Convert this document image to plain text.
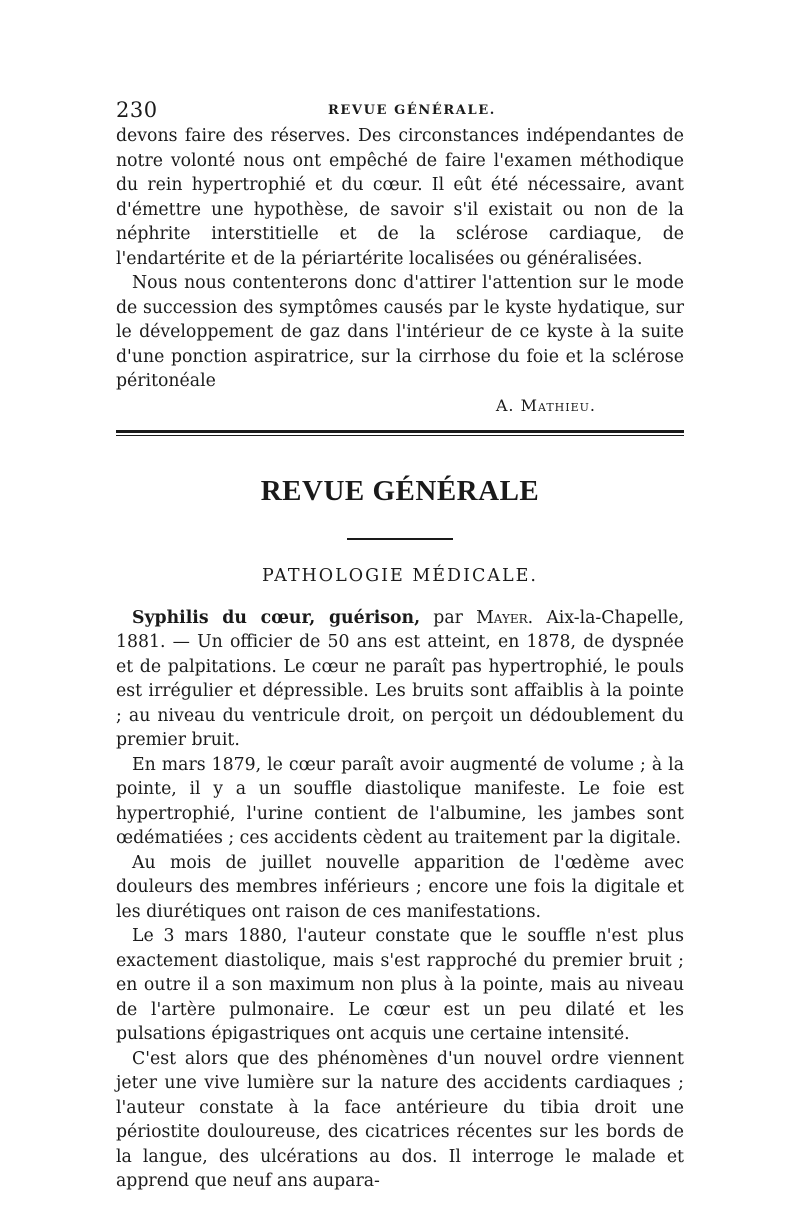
230	REVUE GÉNÉRALE.

devons faire des réserves. Des circonstances indépendantes de notre volonté nous ont empêché de faire l'examen méthodique du rein hypertrophié et du cœur. Il eût été nécessaire, avant d'émettre une hypothèse, de savoir s'il existait ou non de la néphrite interstitielle et de la sclérose cardiaque, de l'endartérite et de la périartérite localisées ou généralisées.

Nous nous contenterons donc d'attirer l'attention sur le mode de succession des symptômes causés par le kyste hydatique, sur le développement de gaz dans l'intérieur de ce kyste à la suite d'une ponction aspiratrice, sur la cirrhose du foie et la sclérose péritonéale

A. Mathieu.
REVUE GÉNÉRALE
PATHOLOGIE MÉDICALE.

Syphilis du cœur, guérison, par Mayer. Aix-la-Chapelle, 1881. — Un officier de 50 ans est atteint, en 1878, de dyspnée et de palpitations. Le cœur ne paraît pas hypertrophié, le pouls est irrégulier et dépressible. Les bruits sont affaiblis à la pointe ; au niveau du ventricule droit, on perçoit un dédoublement du premier bruit.

En mars 1879, le cœur paraît avoir augmenté de volume ; à la pointe, il y a un souffle diastolique manifeste. Le foie est hypertrophié, l'urine contient de l'albumine, les jambes sont œdématiées ; ces accidents cèdent au traitement par la digitale.

Au mois de juillet nouvelle apparition de l'œdème avec douleurs des membres inférieurs ; encore une fois la digitale et les diurétiques ont raison de ces manifestations.

Le 3 mars 1880, l'auteur constate que le souffle n'est plus exactement diastolique, mais s'est rapproché du premier bruit ; en outre il a son maximum non plus à la pointe, mais au niveau de l'artère pulmonaire. Le cœur est un peu dilaté et les pulsations épigastriques ont acquis une certaine intensité.

C'est alors que des phénomènes d'un nouvel ordre viennent jeter une vive lumière sur la nature des accidents cardiaques ; l'auteur constate à la face antérieure du tibia droit une périostite douloureuse, des cicatrices récentes sur les bords de la langue, des ulcérations au dos. Il interroge le malade et apprend que neuf ans aupara-
